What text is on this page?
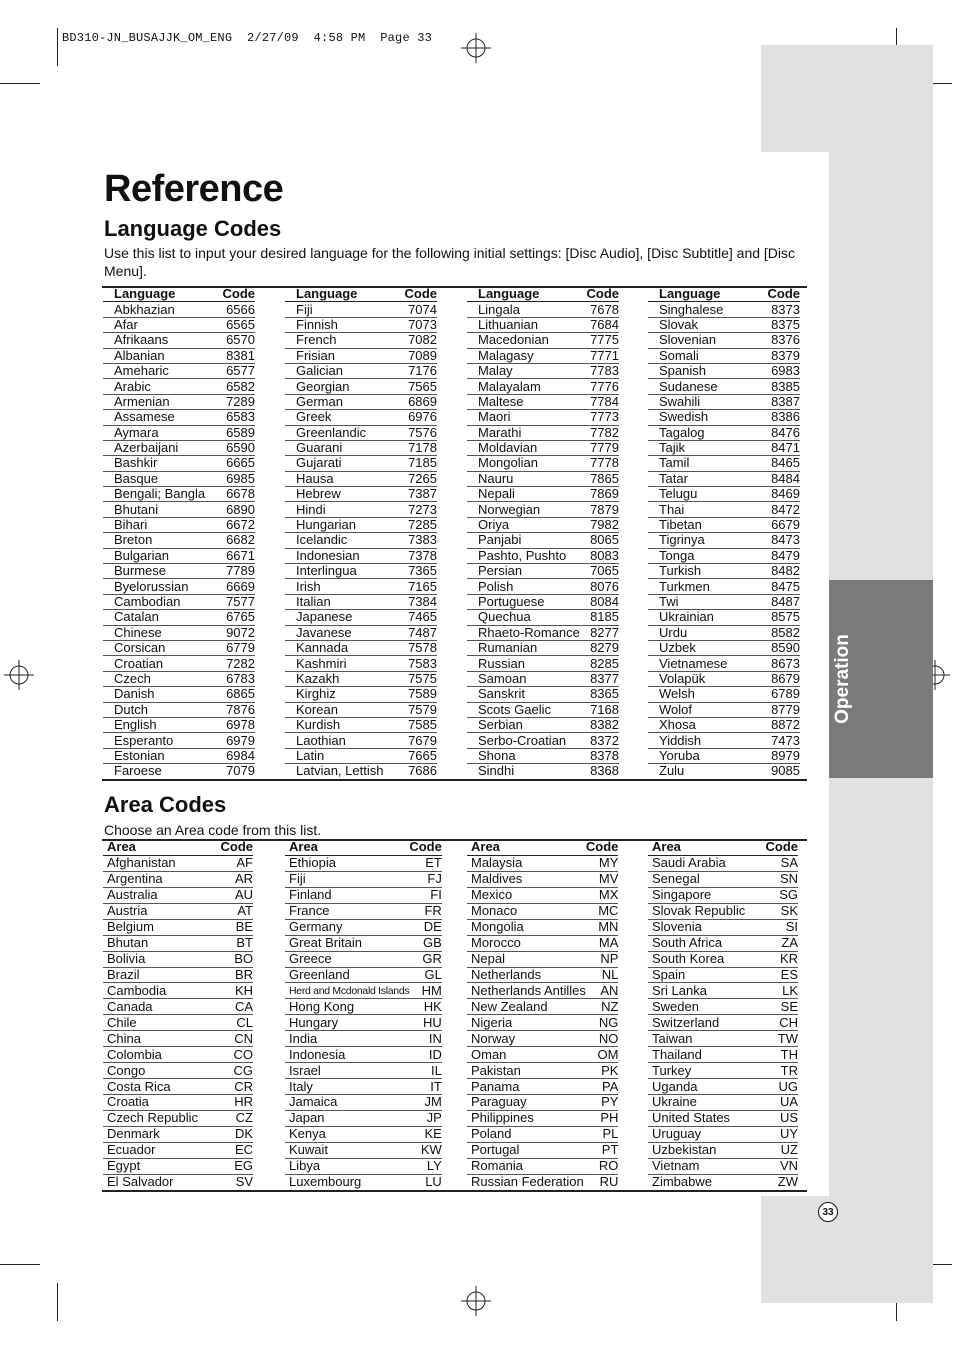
BD310-JN_BUSAJJK_OM_ENG  2/27/09  4:58 PM  Page 33
Operation
Reference
Language Codes
Use this list to input your desired language for the following initial settings: [Disc Audio], [Disc Subtitle] and [Disc Menu].
Language	Code
Abkhazian	6566
Afar	6565
Afrikaans	6570
Albanian	8381
Ameharic	6577
Arabic	6582
Armenian	7289
Assamese	6583
Aymara	6589
Azerbaijani	6590
Bashkir	6665
Basque	6985
Bengali; Bangla	6678
Bhutani	6890
Bihari	6672
Breton	6682
Bulgarian	6671
Burmese	7789
Byelorussian	6669
Cambodian	7577
Catalan	6765
Chinese	9072
Corsican	6779
Croatian	7282
Czech	6783
Danish	6865
Dutch	7876
English	6978
Esperanto	6979
Estonian	6984
Faroese	7079
Language	Code
Fiji	7074
Finnish	7073
French	7082
Frisian	7089
Galician	7176
Georgian	7565
German	6869
Greek	6976
Greenlandic	7576
Guarani	7178
Gujarati	7185
Hausa	7265
Hebrew	7387
Hindi	7273
Hungarian	7285
Icelandic	7383
Indonesian	7378
Interlingua	7365
Irish	7165
Italian	7384
Japanese	7465
Javanese	7487
Kannada	7578
Kashmiri	7583
Kazakh	7575
Kirghiz	7589
Korean	7579
Kurdish	7585
Laothian	7679
Latin	7665
Latvian, Lettish	7686
Language	Code
Lingala	7678
Lithuanian	7684
Macedonian	7775
Malagasy	7771
Malay	7783
Malayalam	7776
Maltese	7784
Maori	7773
Marathi	7782
Moldavian	7779
Mongolian	7778
Nauru	7865
Nepali	7869
Norwegian	7879
Oriya	7982
Panjabi	8065
Pashto, Pushto	8083
Persian	7065
Polish	8076
Portuguese	8084
Quechua	8185
Rhaeto-Romance	8277
Rumanian	8279
Russian	8285
Samoan	8377
Sanskrit	8365
Scots Gaelic	7168
Serbian	8382
Serbo-Croatian	8372
Shona	8378
Sindhi	8368
Language	Code
Singhalese	8373
Slovak	8375
Slovenian	8376
Somali	8379
Spanish	6983
Sudanese	8385
Swahili	8387
Swedish	8386
Tagalog	8476
Tajik	8471
Tamil	8465
Tatar	8484
Telugu	8469
Thai	8472
Tibetan	6679
Tigrinya	8473
Tonga	8479
Turkish	8482
Turkmen	8475
Twi	8487
Ukrainian	8575
Urdu	8582
Uzbek	8590
Vietnamese	8673
Volapük	8679
Welsh	6789
Wolof	8779
Xhosa	8872
Yiddish	7473
Yoruba	8979
Zulu	9085
Area Codes
Choose an Area code from this list.
Area	Code
Afghanistan	AF
Argentina	AR
Australia	AU
Austria	AT
Belgium	BE
Bhutan	BT
Bolivia	BO
Brazil	BR
Cambodia	KH
Canada	CA
Chile	CL
China	CN
Colombia	CO
Congo	CG
Costa Rica	CR
Croatia	HR
Czech Republic	CZ
Denmark	DK
Ecuador	EC
Egypt	EG
El Salvador	SV
Area	Code
Ethiopia	ET
Fiji	FJ
Finland	FI
France	FR
Germany	DE
Great Britain	GB
Greece	GR
Greenland	GL
Herd and Mcdonald Islands	HM
Hong Kong	HK
Hungary	HU
India	IN
Indonesia	ID
Israel	IL
Italy	IT
Jamaica	JM
Japan	JP
Kenya	KE
Kuwait	KW
Libya	LY
Luxembourg	LU
Area	Code
Malaysia	MY
Maldives	MV
Mexico	MX
Monaco	MC
Mongolia	MN
Morocco	MA
Nepal	NP
Netherlands	NL
Netherlands Antilles	AN
New Zealand	NZ
Nigeria	NG
Norway	NO
Oman	OM
Pakistan	PK
Panama	PA
Paraguay	PY
Philippines	PH
Poland	PL
Portugal	PT
Romania	RO
Russian Federation	RU
Area	Code
Saudi Arabia	SA
Senegal	SN
Singapore	SG
Slovak Republic	SK
Slovenia	SI
South Africa	ZA
South Korea	KR
Spain	ES
Sri Lanka	LK
Sweden	SE
Switzerland	CH
Taiwan	TW
Thailand	TH
Turkey	TR
Uganda	UG
Ukraine	UA
United States	US
Uruguay	UY
Uzbekistan	UZ
Vietnam	VN
Zimbabwe	ZW
33
